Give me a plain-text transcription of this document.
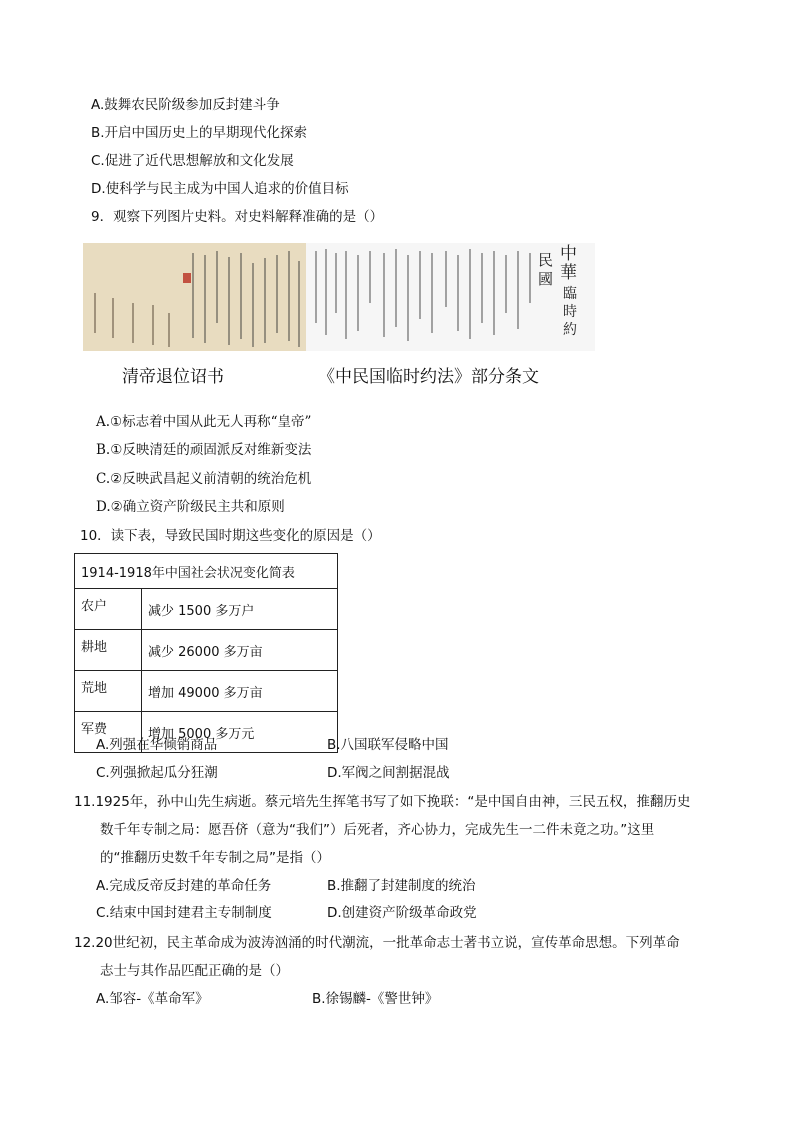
A.鼓舞农民阶级参加反封建斗争
B.开启中国历史上的早期现代化探索
C.促进了近代思想解放和文化发展
D.使科学与民主成为中国人追求的价值目标
9．观察下列图片史料。对史料解释准确的是（）
中
華
民
國
臨
時
約
清帝退位诏书	《中民国临时约法》部分条文
A.①标志着中国从此无人再称“皇帝”
B.①反映清廷的顽固派反对维新变法
C.②反映武昌起义前清朝的统治危机
D.②确立资产阶级民主共和原则
10．读下表，导致民国时期这些变化的原因是（）
1914-1918年中国社会状况变化简表	
农户	减少 1500 多万户
耕地	减少 26000 多万亩
荒地	增加 49000 多万亩
军费	增加 5000 多万元
A.列强在华倾销商品	B.八国联军侵略中国
C.列强掀起瓜分狂潮	D.军阀之间割据混战
11.1925年，孙中山先生病逝。蔡元培先生挥笔书写了如下挽联：“是中国自由神，三民五权，推翻历史
数千年专制之局：愿吾侪（意为“我们”）后死者，齐心协力，完成先生一二件未竟之功。”这里
的“推翻历史数千年专制之局”是指（）
A.完成反帝反封建的革命任务	B.推翻了封建制度的统治
C.结束中国封建君主专制制度	D.创建资产阶级革命政党
12.20世纪初，民主革命成为波涛汹涌的时代潮流，一批革命志士著书立说，宣传革命思想。下列革命
志士与其作品匹配正确的是（）
A.邹容-《革命军》	B.徐锡麟-《警世钟》
